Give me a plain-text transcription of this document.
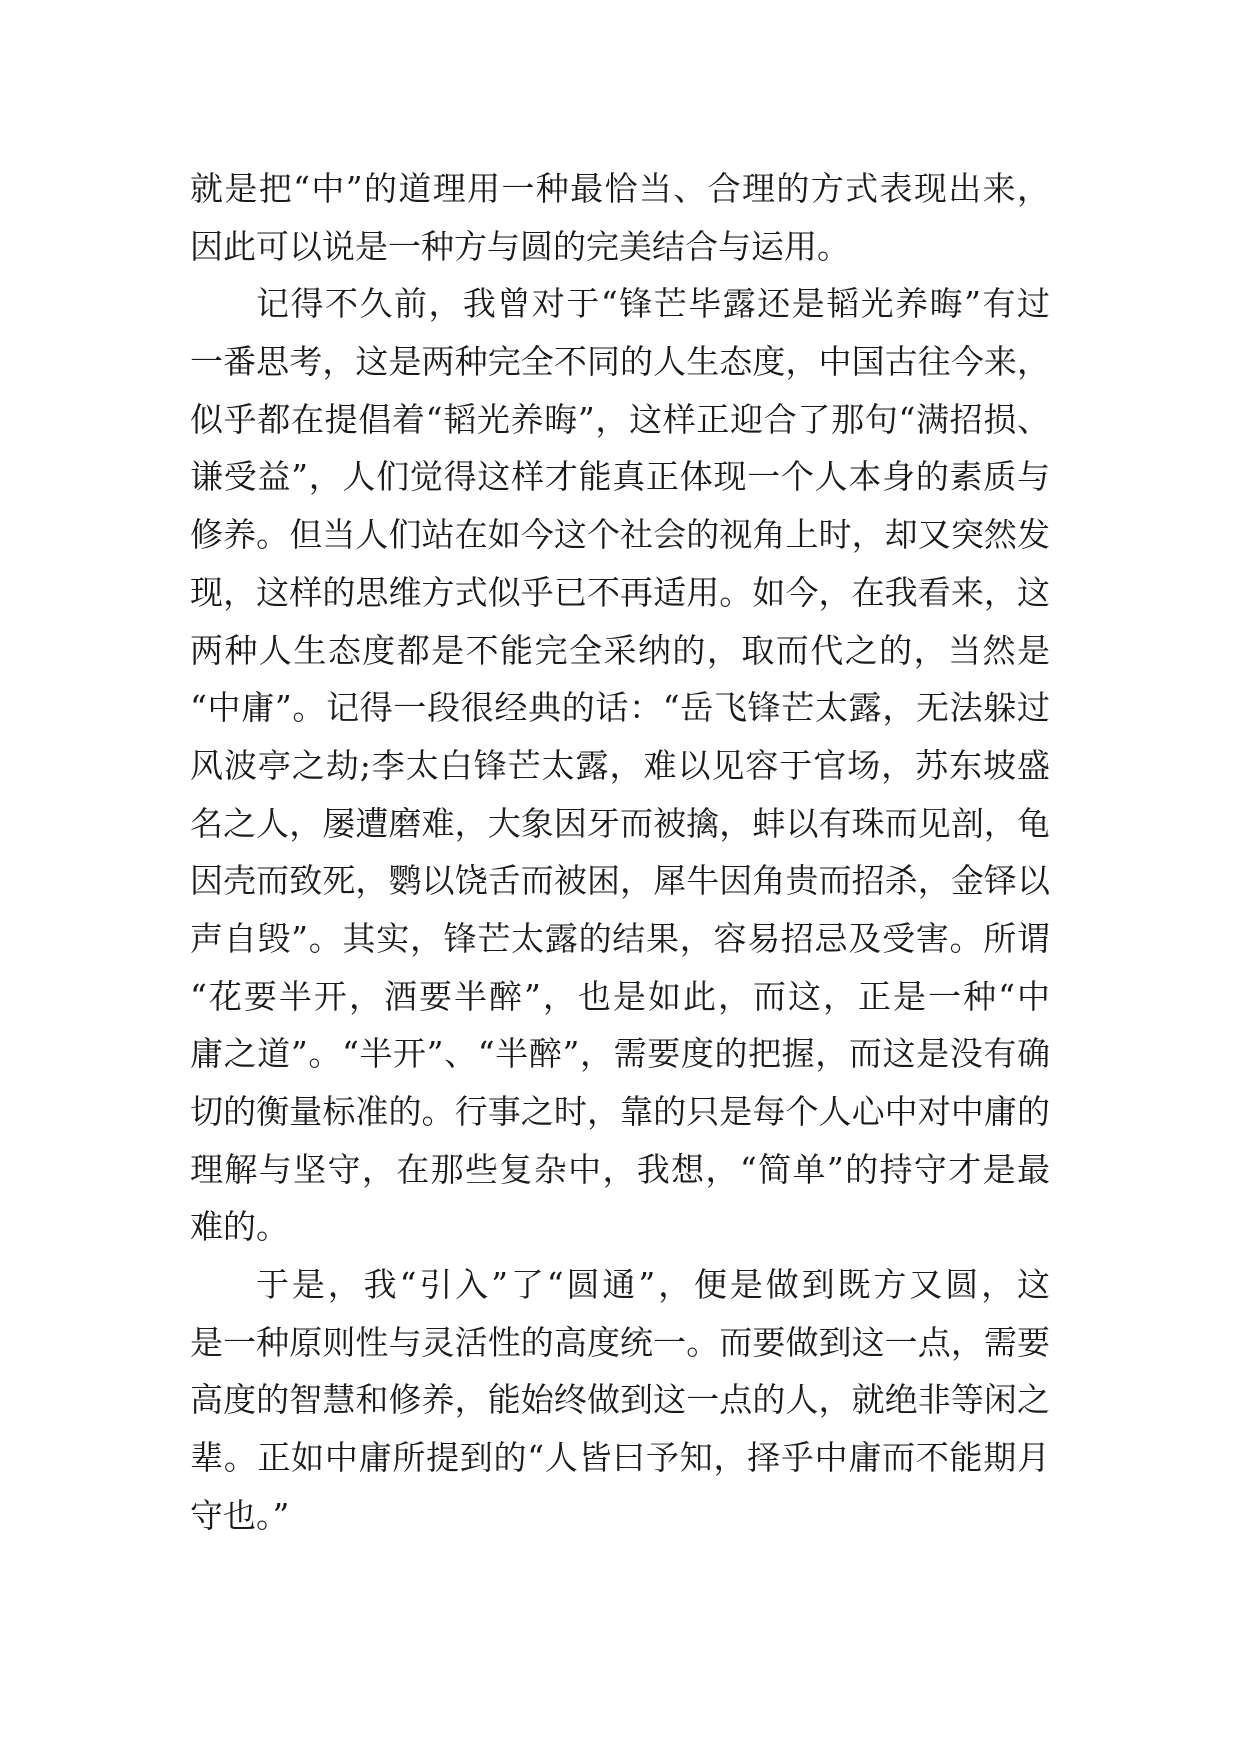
就是把“中”的道理用一种最恰当、合理的方式表现出来，
因此可以说是一种方与圆的完美结合与运用。
记得不久前，我曾对于“锋芒毕露还是韬光养晦”有过
一番思考，这是两种完全不同的人生态度，中国古往今来，
似乎都在提倡着“韬光养晦”，这样正迎合了那句“满招损、
谦受益”，人们觉得这样才能真正体现一个人本身的素质与
修养。但当人们站在如今这个社会的视角上时，却又突然发
现，这样的思维方式似乎已不再适用。如今，在我看来，这
两种人生态度都是不能完全采纳的，取而代之的，当然是
“中庸”。记得一段很经典的话：“岳飞锋芒太露，无法躲过
风波亭之劫;李太白锋芒太露，难以见容于官场，苏东坡盛
名之人，屡遭磨难，大象因牙而被擒，蚌以有珠而见剖，龟
因壳而致死，鹦以饶舌而被困，犀牛因角贵而招杀，金铎以
声自毁”。其实，锋芒太露的结果，容易招忌及受害。所谓
“花要半开，酒要半醉”，也是如此，而这，正是一种“中
庸之道”。“半开”、“半醉”，需要度的把握，而这是没有确
切的衡量标准的。行事之时，靠的只是每个人心中对中庸的
理解与坚守，在那些复杂中，我想，“简单”的持守才是最
难的。
于是，我“引入”了“圆通”，便是做到既方又圆，这
是一种原则性与灵活性的高度统一。而要做到这一点，需要
高度的智慧和修养，能始终做到这一点的人，就绝非等闲之
辈。正如中庸所提到的“人皆曰予知，择乎中庸而不能期月
守也。”
